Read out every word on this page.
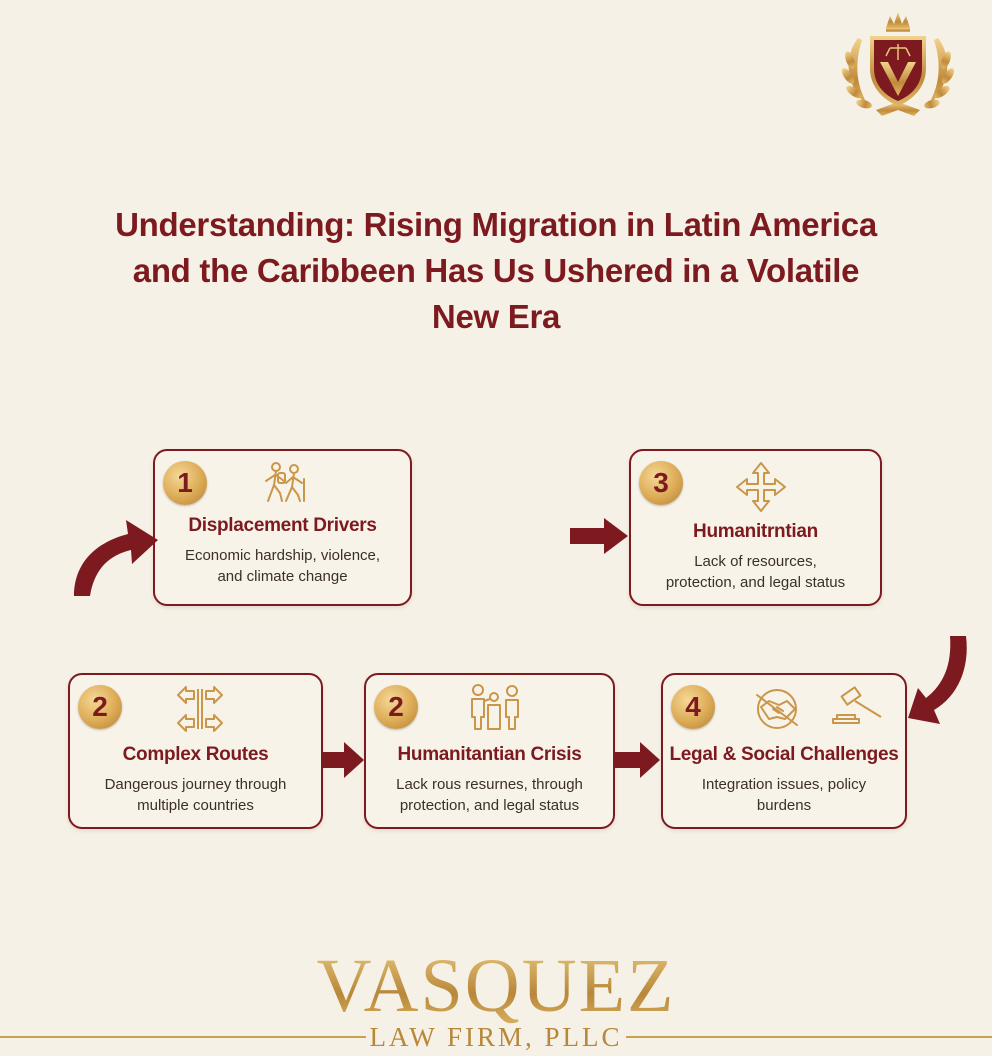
Understanding: Rising Migration in Latin America
and the Caribbeen Has Us Ushered in a Volatile
New Era
1
Displacement Drivers
Economic hardship, violence,
and climate change
3
Humanitrntian
Lack of resources,
protection, and legal status
2
Complex Routes
Dangerous journey through
multiple countries
2
Humanitantian Crisis
Lack rous resurnes, through
protection, and legal status
4
Legal & Social Challenges
Integration issues, policy
burdens
VASQUEZ
LAW FIRM, PLLC
